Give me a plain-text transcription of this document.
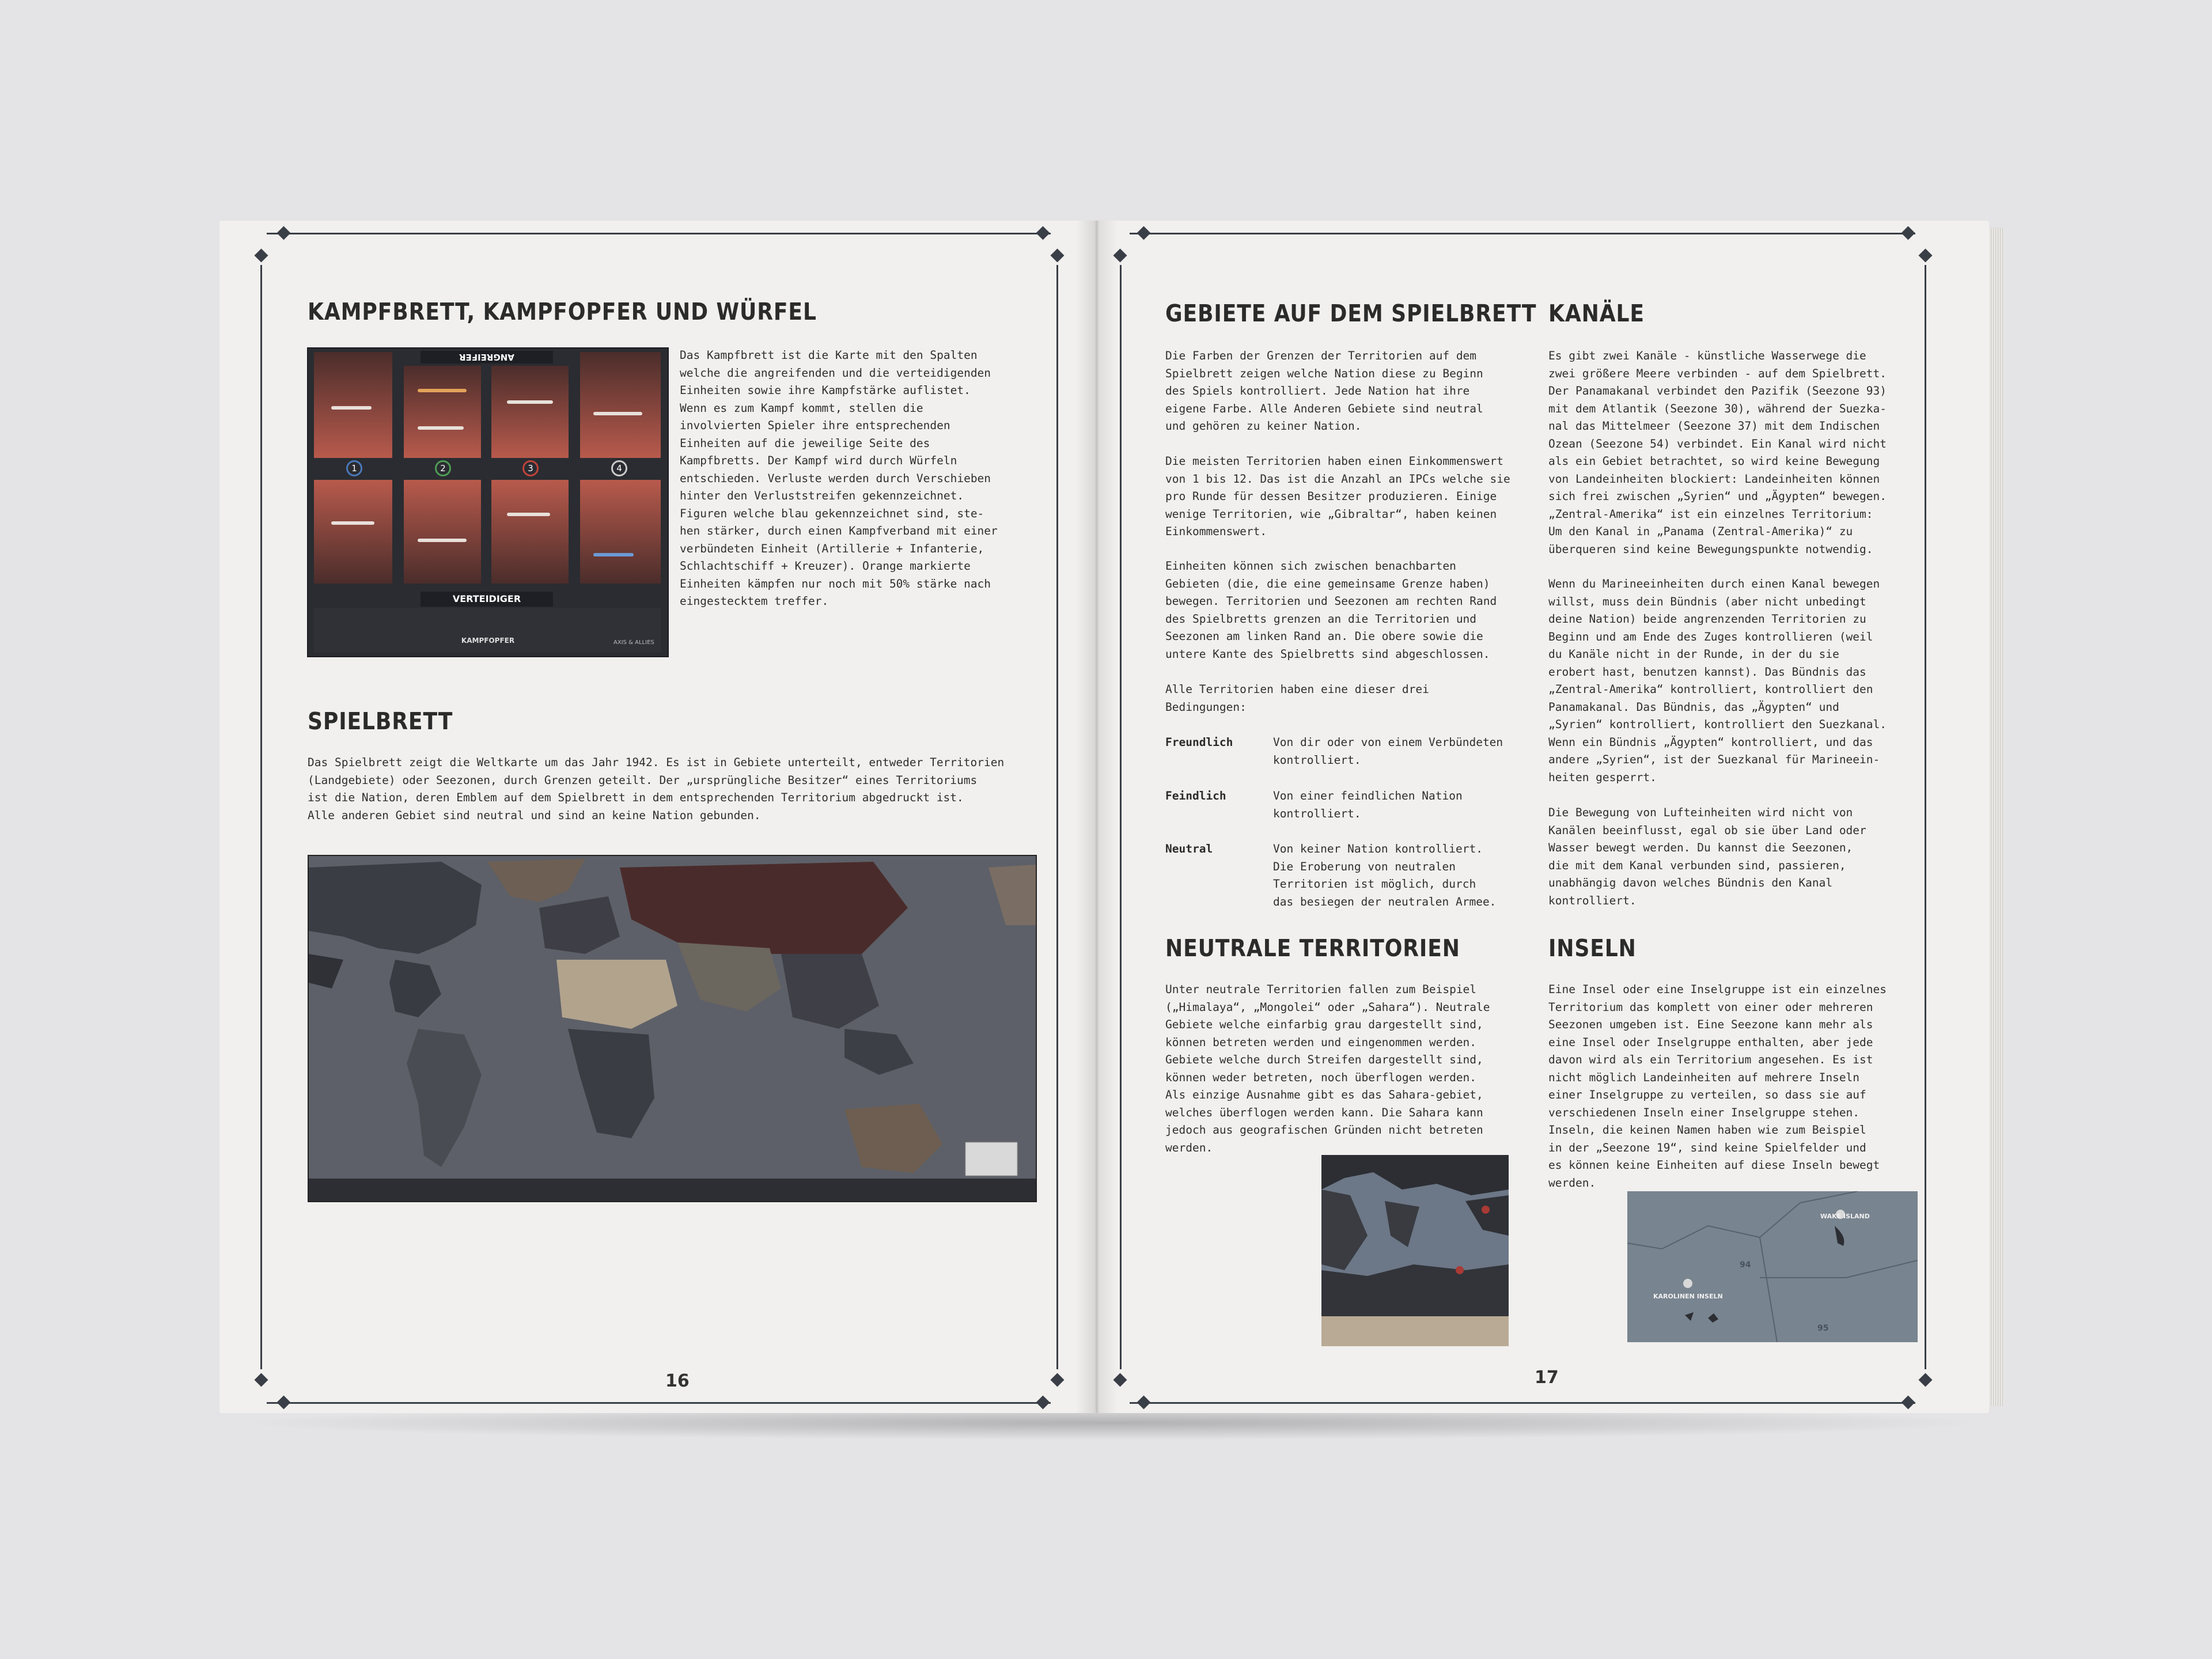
KAMPFBRETT, KAMPFOPFER UND WÜRFEL
ANGREIFER
1	2	3	4
VERTEIDIGER
KAMPFOPFER	AXIS & ALLIES
Das Kampfbrett ist die Karte mit den Spalten
welche die angreifenden und die verteidigenden
Einheiten sowie ihre Kampfstärke auflistet.
Wenn es zum Kampf kommt, stellen die
involvierten Spieler ihre entsprechenden
Einheiten auf die jeweilige Seite des
Kampfbretts. Der Kampf wird durch Würfeln
entschieden. Verluste werden durch Verschieben
hinter den Verluststreifen gekennzeichnet.
Figuren welche blau gekennzeichnet sind, ste-
hen stärker, durch einen Kampfverband mit einer
verbündeten Einheit (Artillerie + Infanterie,
Schlachtschiff + Kreuzer). Orange markierte
Einheiten kämpfen nur noch mit 50% stärke nach
eingestecktem treffer.
SPIELBRETT
Das Spielbrett zeigt die Weltkarte um das Jahr 1942. Es ist in Gebiete unterteilt, entweder Territorien
(Landgebiete) oder Seezonen, durch Grenzen geteilt. Der „ursprüngliche Besitzer“ eines Territoriums
ist die Nation, deren Emblem auf dem Spielbrett in dem entsprechenden Territorium abgedruckt ist.
Alle anderen Gebiet sind neutral und sind an keine Nation gebunden.
16
GEBIETE AUF DEM SPIELBRETT
Die Farben der Grenzen der Territorien auf dem
Spielbrett zeigen welche Nation diese zu Beginn
des Spiels kontrolliert. Jede Nation hat ihre
eigene Farbe. Alle Anderen Gebiete sind neutral
und gehören zu keiner Nation.
Die meisten Territorien haben einen Einkommenswert
von 1 bis 12. Das ist die Anzahl an IPCs welche sie
pro Runde für dessen Besitzer produzieren. Einige
wenige Territorien, wie „Gibraltar“, haben keinen
Einkommenswert.
Einheiten können sich zwischen benachbarten
Gebieten (die, die eine gemeinsame Grenze haben)
bewegen. Territorien und Seezonen am rechten Rand
des Spielbretts grenzen an die Territorien und
Seezonen am linken Rand an. Die obere sowie die
untere Kante des Spielbretts sind abgeschlossen.
Alle Territorien haben eine dieser drei
Bedingungen:
Freundlich	Von dir oder von einem Verbündeten
kontrolliert.
Feindlich	Von einer feindlichen Nation
kontrolliert.
Neutral	Von keiner Nation kontrolliert.
Die Eroberung von neutralen
Territorien ist möglich, durch
das besiegen der neutralen Armee.
NEUTRALE TERRITORIEN
Unter neutrale Territorien fallen zum Beispiel
(„Himalaya“, „Mongolei“ oder „Sahara“). Neutrale
Gebiete welche einfarbig grau dargestellt sind,
können betreten werden und eingenommen werden.
Gebiete welche durch Streifen dargestellt sind,
können weder betreten, noch überflogen werden.
Als einzige Ausnahme gibt es das Sahara-gebiet,
welches überflogen werden kann. Die Sahara kann
jedoch aus geografischen Gründen nicht betreten
werden.
KANÄLE
Es gibt zwei Kanäle - künstliche Wasserwege die
zwei größere Meere verbinden - auf dem Spielbrett.
Der Panamakanal verbindet den Pazifik (Seezone 93)
mit dem Atlantik (Seezone 30), während der Suezka-
nal das Mittelmeer (Seezone 37) mit dem Indischen
Ozean (Seezone 54) verbindet. Ein Kanal wird nicht
als ein Gebiet betrachtet, so wird keine Bewegung
von Landeinheiten blockiert: Landeinheiten können
sich frei zwischen „Syrien“ und „Ägypten“ bewegen.
„Zentral-Amerika“ ist ein einzelnes Territorium:
Um den Kanal in „Panama (Zentral-Amerika)“ zu
überqueren sind keine Bewegungspunkte notwendig.
Wenn du Marineeinheiten durch einen Kanal bewegen
willst, muss dein Bündnis (aber nicht unbedingt
deine Nation) beide angrenzenden Territorien zu
Beginn und am Ende des Zuges kontrollieren (weil
du Kanäle nicht in der Runde, in der du sie
erobert hast, benutzen kannst). Das Bündnis das
„Zentral-Amerika“ kontrolliert, kontrolliert den
Panamakanal. Das Bündnis, das „Ägypten“ und
„Syrien“ kontrolliert, kontrolliert den Suezkanal.
Wenn ein Bündnis „Ägypten“ kontrolliert, und das
andere „Syrien“, ist der Suezkanal für Marineein-
heiten gesperrt.
Die Bewegung von Lufteinheiten wird nicht von
Kanälen beeinflusst, egal ob sie über Land oder
Wasser bewegt werden. Du kannst die Seezonen,
die mit dem Kanal verbunden sind, passieren,
unabhängig davon welches Bündnis den Kanal
kontrolliert.
INSELN
Eine Insel oder eine Inselgruppe ist ein einzelnes
Territorium das komplett von einer oder mehreren
Seezonen umgeben ist. Eine Seezone kann mehr als
eine Insel oder Inselgruppe enthalten, aber jede
davon wird als ein Territorium angesehen. Es ist
nicht möglich Landeinheiten auf mehrere Inseln
einer Inselgruppe zu verteilen, so dass sie auf
verschiedenen Inseln einer Inselgruppe stehen.
Inseln, die keinen Namen haben wie zum Beispiel
in der „Seezone 19“, sind keine Spielfelder und
es können keine Einheiten auf diese Inseln bewegt
werden.
WAKE ISLAND
KAROLINEN INSELN
94
95
17
